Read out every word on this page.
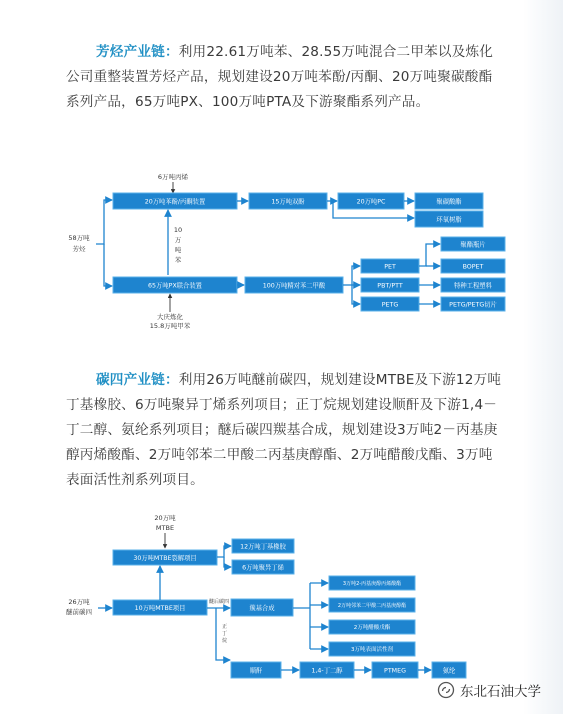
芳烃产业链：利用22.61万吨苯、28.55万吨混合二甲苯以及炼化公司重整装置芳烃产品，规划建设20万吨苯酚/丙酮、20万吨聚碳酸酯系列产品，65万吨PX、100万吨PTA及下游聚酯系列产品。

58万吨
芳烃
6万吨丙烯
20万吨苯酚/丙酮装置	15万吨双酚	20万吨PC	聚碳酸酯
环氧树脂
10
万
吨
苯
65万吨PX联合装置	100万吨精对苯二甲酸
PET
PBT/PTT
PETG
聚酯瓶片
BOPET
特种工程塑料
PETG/PETG切片
大庆炼化
15.8万吨甲苯
20万吨
MTBE
30万吨MTBE裂解项目
12万吨丁基橡胶
6万吨聚异丁烯
26万吨
醚前碳四	10万吨MTBE项目
醚后碳四
羰基合成
3万吨2-丙基庚醇丙烯酸酯
2万吨邻苯二甲酸二丙基庚醇酯
2万吨醋酸戊酯
3万吨表面活性剂
正
丁
烷
顺酐	1,4-丁二醇	PTMEG	氨纶

碳四产业链：利用26万吨醚前碳四，规划建设MTBE及下游12万吨丁基橡胶、6万吨聚异丁烯系列项目；正丁烷规划建设顺酐及下游1,4－丁二醇、氨纶系列项目；醚后碳四羰基合成，规划建设3万吨2－丙基庚醇丙烯酸酯、2万吨邻苯二甲酸二丙基庚醇酯、2万吨醋酸戊酯、3万吨表面活性剂系列项目。

东北石油大学
